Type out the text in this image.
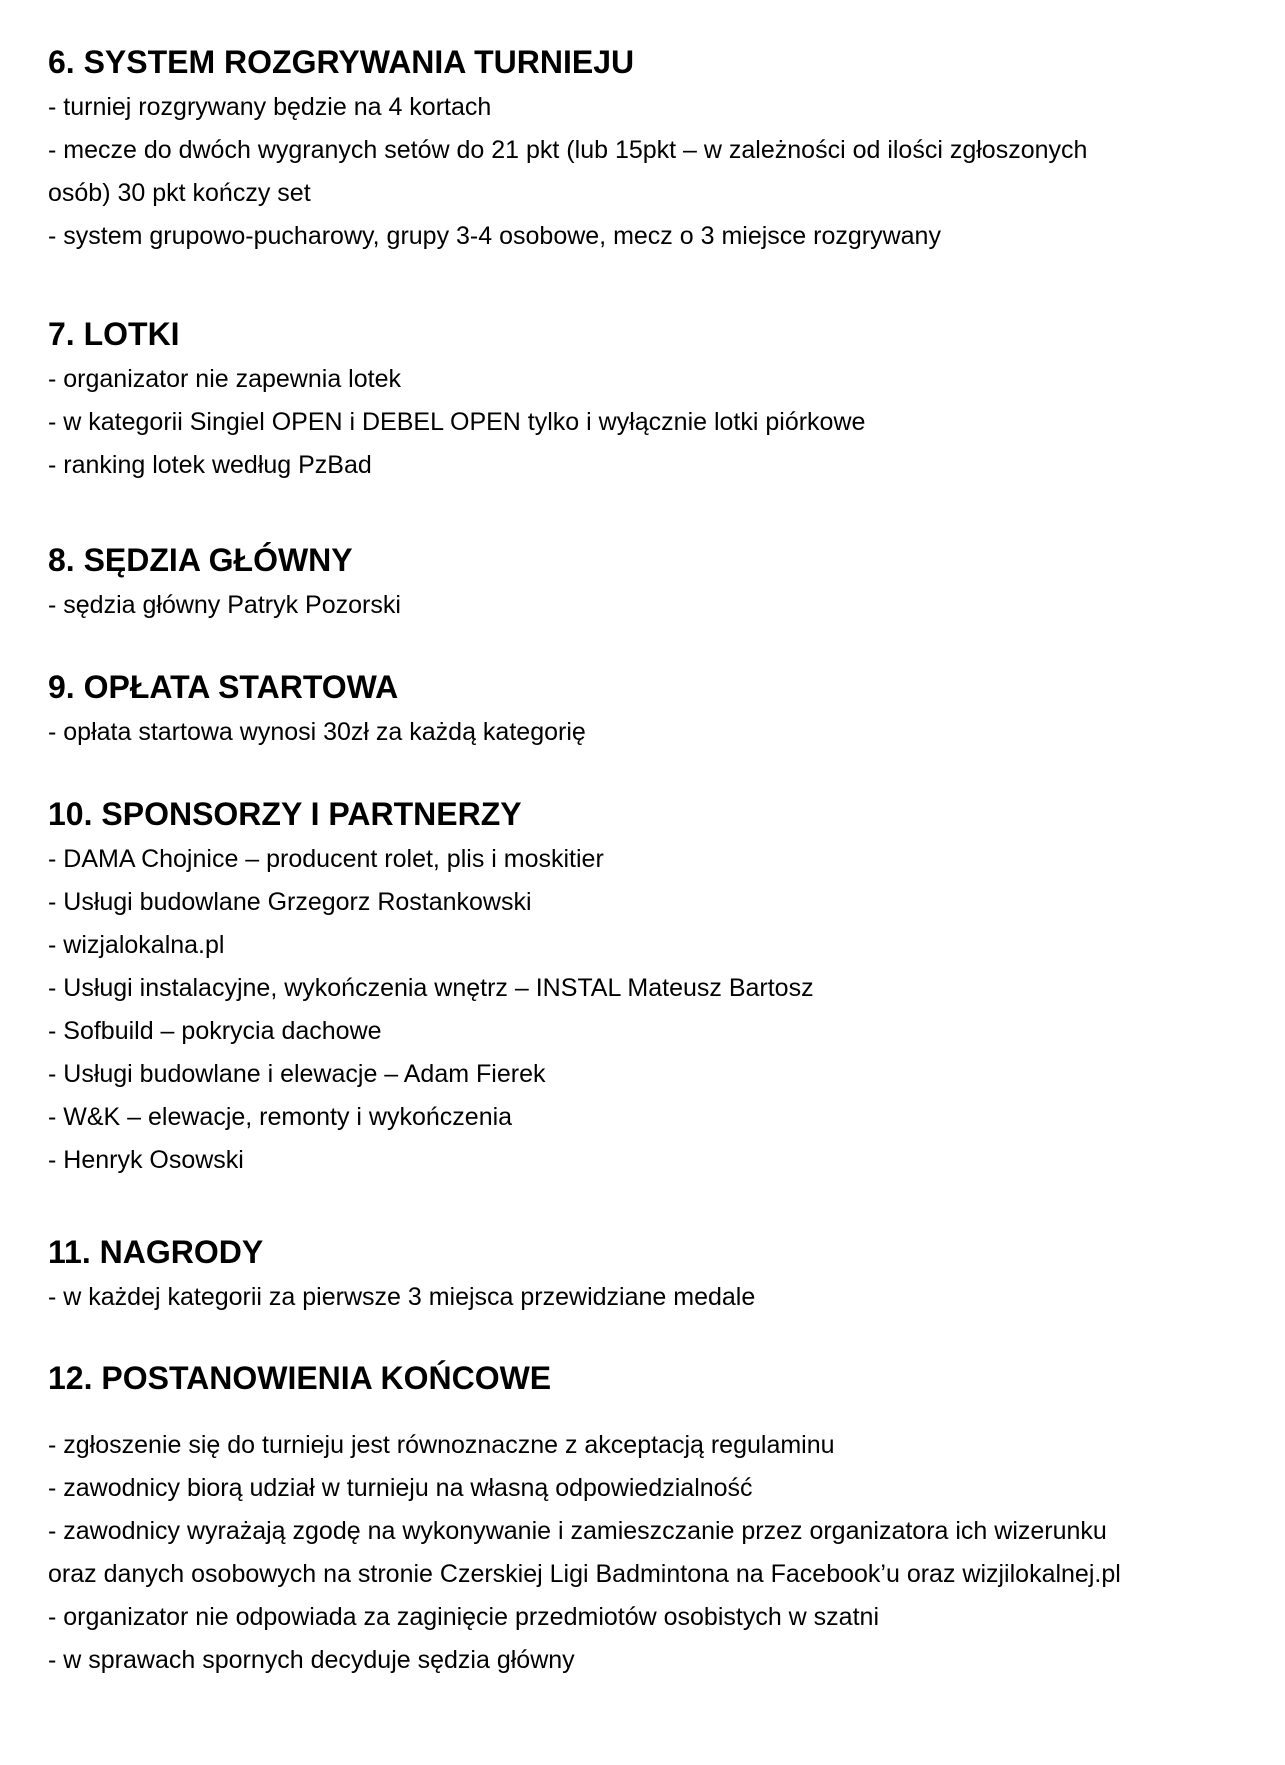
6. SYSTEM ROZGRYWANIA TURNIEJU
- turniej rozgrywany będzie na 4 kortach
- mecze do dwóch wygranych setów do 21 pkt (lub 15pkt – w zależności od ilości zgłoszonych
osób) 30 pkt kończy set
- system grupowo-pucharowy, grupy 3-4 osobowe, mecz o 3 miejsce rozgrywany
7. LOTKI
- organizator nie zapewnia lotek
- w kategorii Singiel OPEN i DEBEL OPEN tylko i wyłącznie lotki piórkowe
- ranking lotek według PzBad
8. SĘDZIA GŁÓWNY
- sędzia główny Patryk Pozorski
9. OPŁATA STARTOWA
- opłata startowa wynosi 30zł za każdą kategorię
10. SPONSORZY I PARTNERZY
- DAMA Chojnice – producent rolet, plis i moskitier
- Usługi budowlane Grzegorz Rostankowski
- wizjalokalna.pl
- Usługi instalacyjne, wykończenia wnętrz – INSTAL Mateusz Bartosz
- Sofbuild – pokrycia dachowe
- Usługi budowlane i elewacje – Adam Fierek
- W&K – elewacje, remonty i wykończenia
- Henryk Osowski
11. NAGRODY
- w każdej kategorii za pierwsze 3 miejsca przewidziane medale
12. POSTANOWIENIA KOŃCOWE
- zgłoszenie się do turnieju jest równoznaczne z akceptacją regulaminu
- zawodnicy biorą udział w turnieju na własną odpowiedzialność
- zawodnicy wyrażają zgodę na wykonywanie i zamieszczanie przez organizatora ich wizerunku
oraz danych osobowych na stronie Czerskiej Ligi Badmintona na Facebook’u oraz wizjilokalnej.pl
- organizator nie odpowiada za zaginięcie przedmiotów osobistych w szatni
- w sprawach spornych decyduje sędzia główny
